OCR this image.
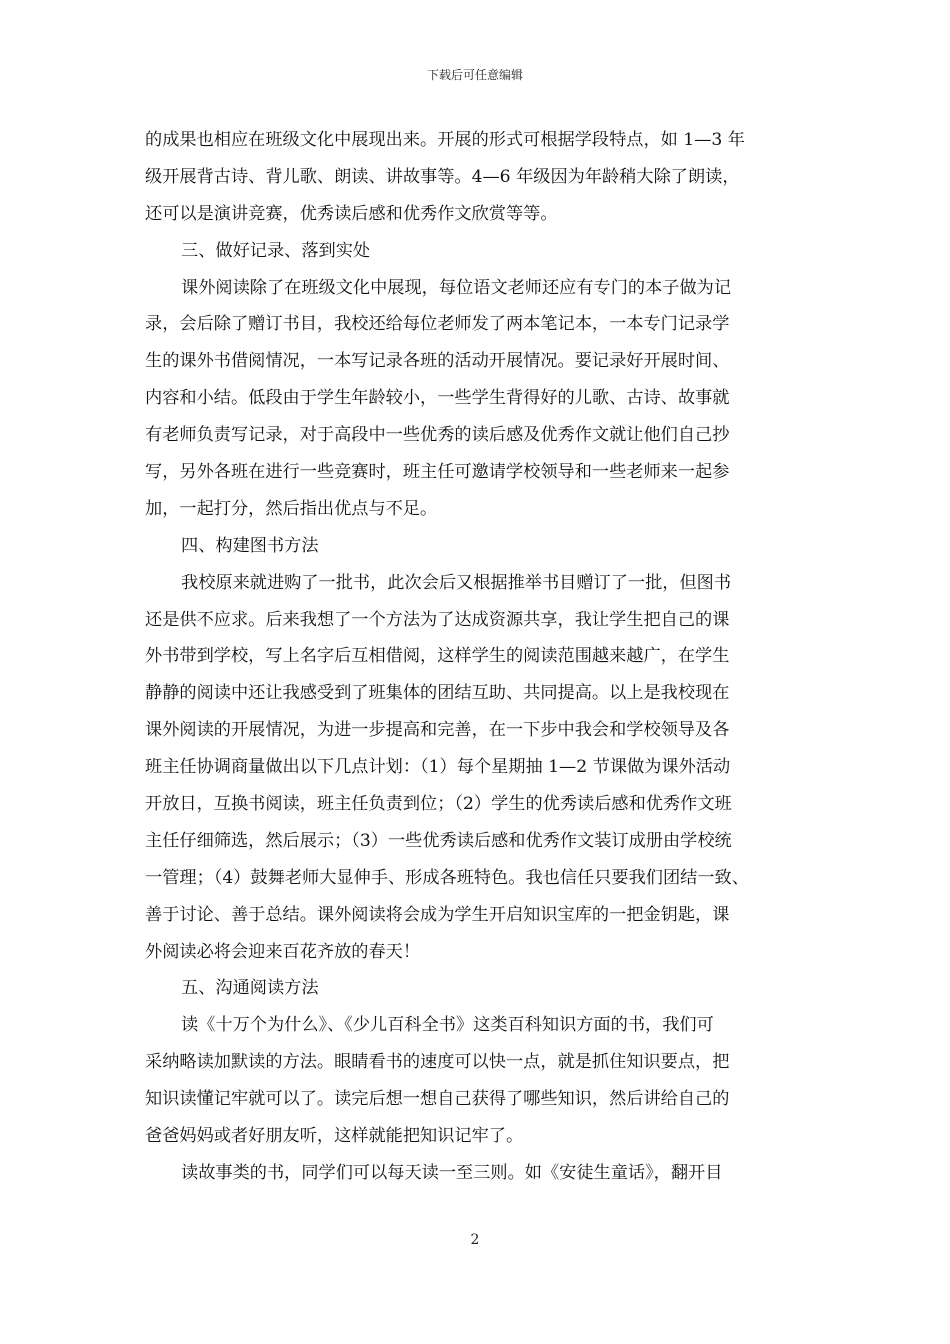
下载后可任意编辑
的成果也相应在班级文化中展现出来。开展的形式可根据学段特点，如 1—3 年
级开展背古诗、背儿歌、朗读、讲故事等。4—6 年级因为年龄稍大除了朗读，
还可以是演讲竞赛，优秀读后感和优秀作文欣赏等等。
三、做好记录、落到实处
课外阅读除了在班级文化中展现，每位语文老师还应有专门的本子做为记
录，会后除了赠订书目，我校还给每位老师发了两本笔记本，一本专门记录学
生的课外书借阅情况，一本写记录各班的活动开展情况。要记录好开展时间、
内容和小结。低段由于学生年龄较小，一些学生背得好的儿歌、古诗、故事就
有老师负责写记录，对于高段中一些优秀的读后感及优秀作文就让他们自己抄
写，另外各班在进行一些竞赛时，班主任可邀请学校领导和一些老师来一起参
加，一起打分，然后指出优点与不足。
四、构建图书方法
我校原来就进购了一批书，此次会后又根据推举书目赠订了一批，但图书
还是供不应求。后来我想了一个方法为了达成资源共享，我让学生把自己的课
外书带到学校，写上名字后互相借阅，这样学生的阅读范围越来越广，在学生
静静的阅读中还让我感受到了班集体的团结互助、共同提高。以上是我校现在
课外阅读的开展情况，为进一步提高和完善，在一下步中我会和学校领导及各
班主任协调商量做出以下几点计划：（1）每个星期抽 1—2 节课做为课外活动
开放日，互换书阅读，班主任负责到位；（2）学生的优秀读后感和优秀作文班
主任仔细筛选，然后展示；（3）一些优秀读后感和优秀作文装订成册由学校统
一管理；（4）鼓舞老师大显伸手、形成各班特色。我也信任只要我们团结一致、
善于讨论、善于总结。课外阅读将会成为学生开启知识宝库的一把金钥匙，课
外阅读必将会迎来百花齐放的春天！
五、沟通阅读方法
读《十万个为什么》、《少儿百科全书》这类百科知识方面的书，我们可
采纳略读加默读的方法。眼睛看书的速度可以快一点，就是抓住知识要点，把
知识读懂记牢就可以了。读完后想一想自己获得了哪些知识，然后讲给自己的
爸爸妈妈或者好朋友听，这样就能把知识记牢了。
读故事类的书，同学们可以每天读一至三则。如《安徒生童话》，翻开目
2
